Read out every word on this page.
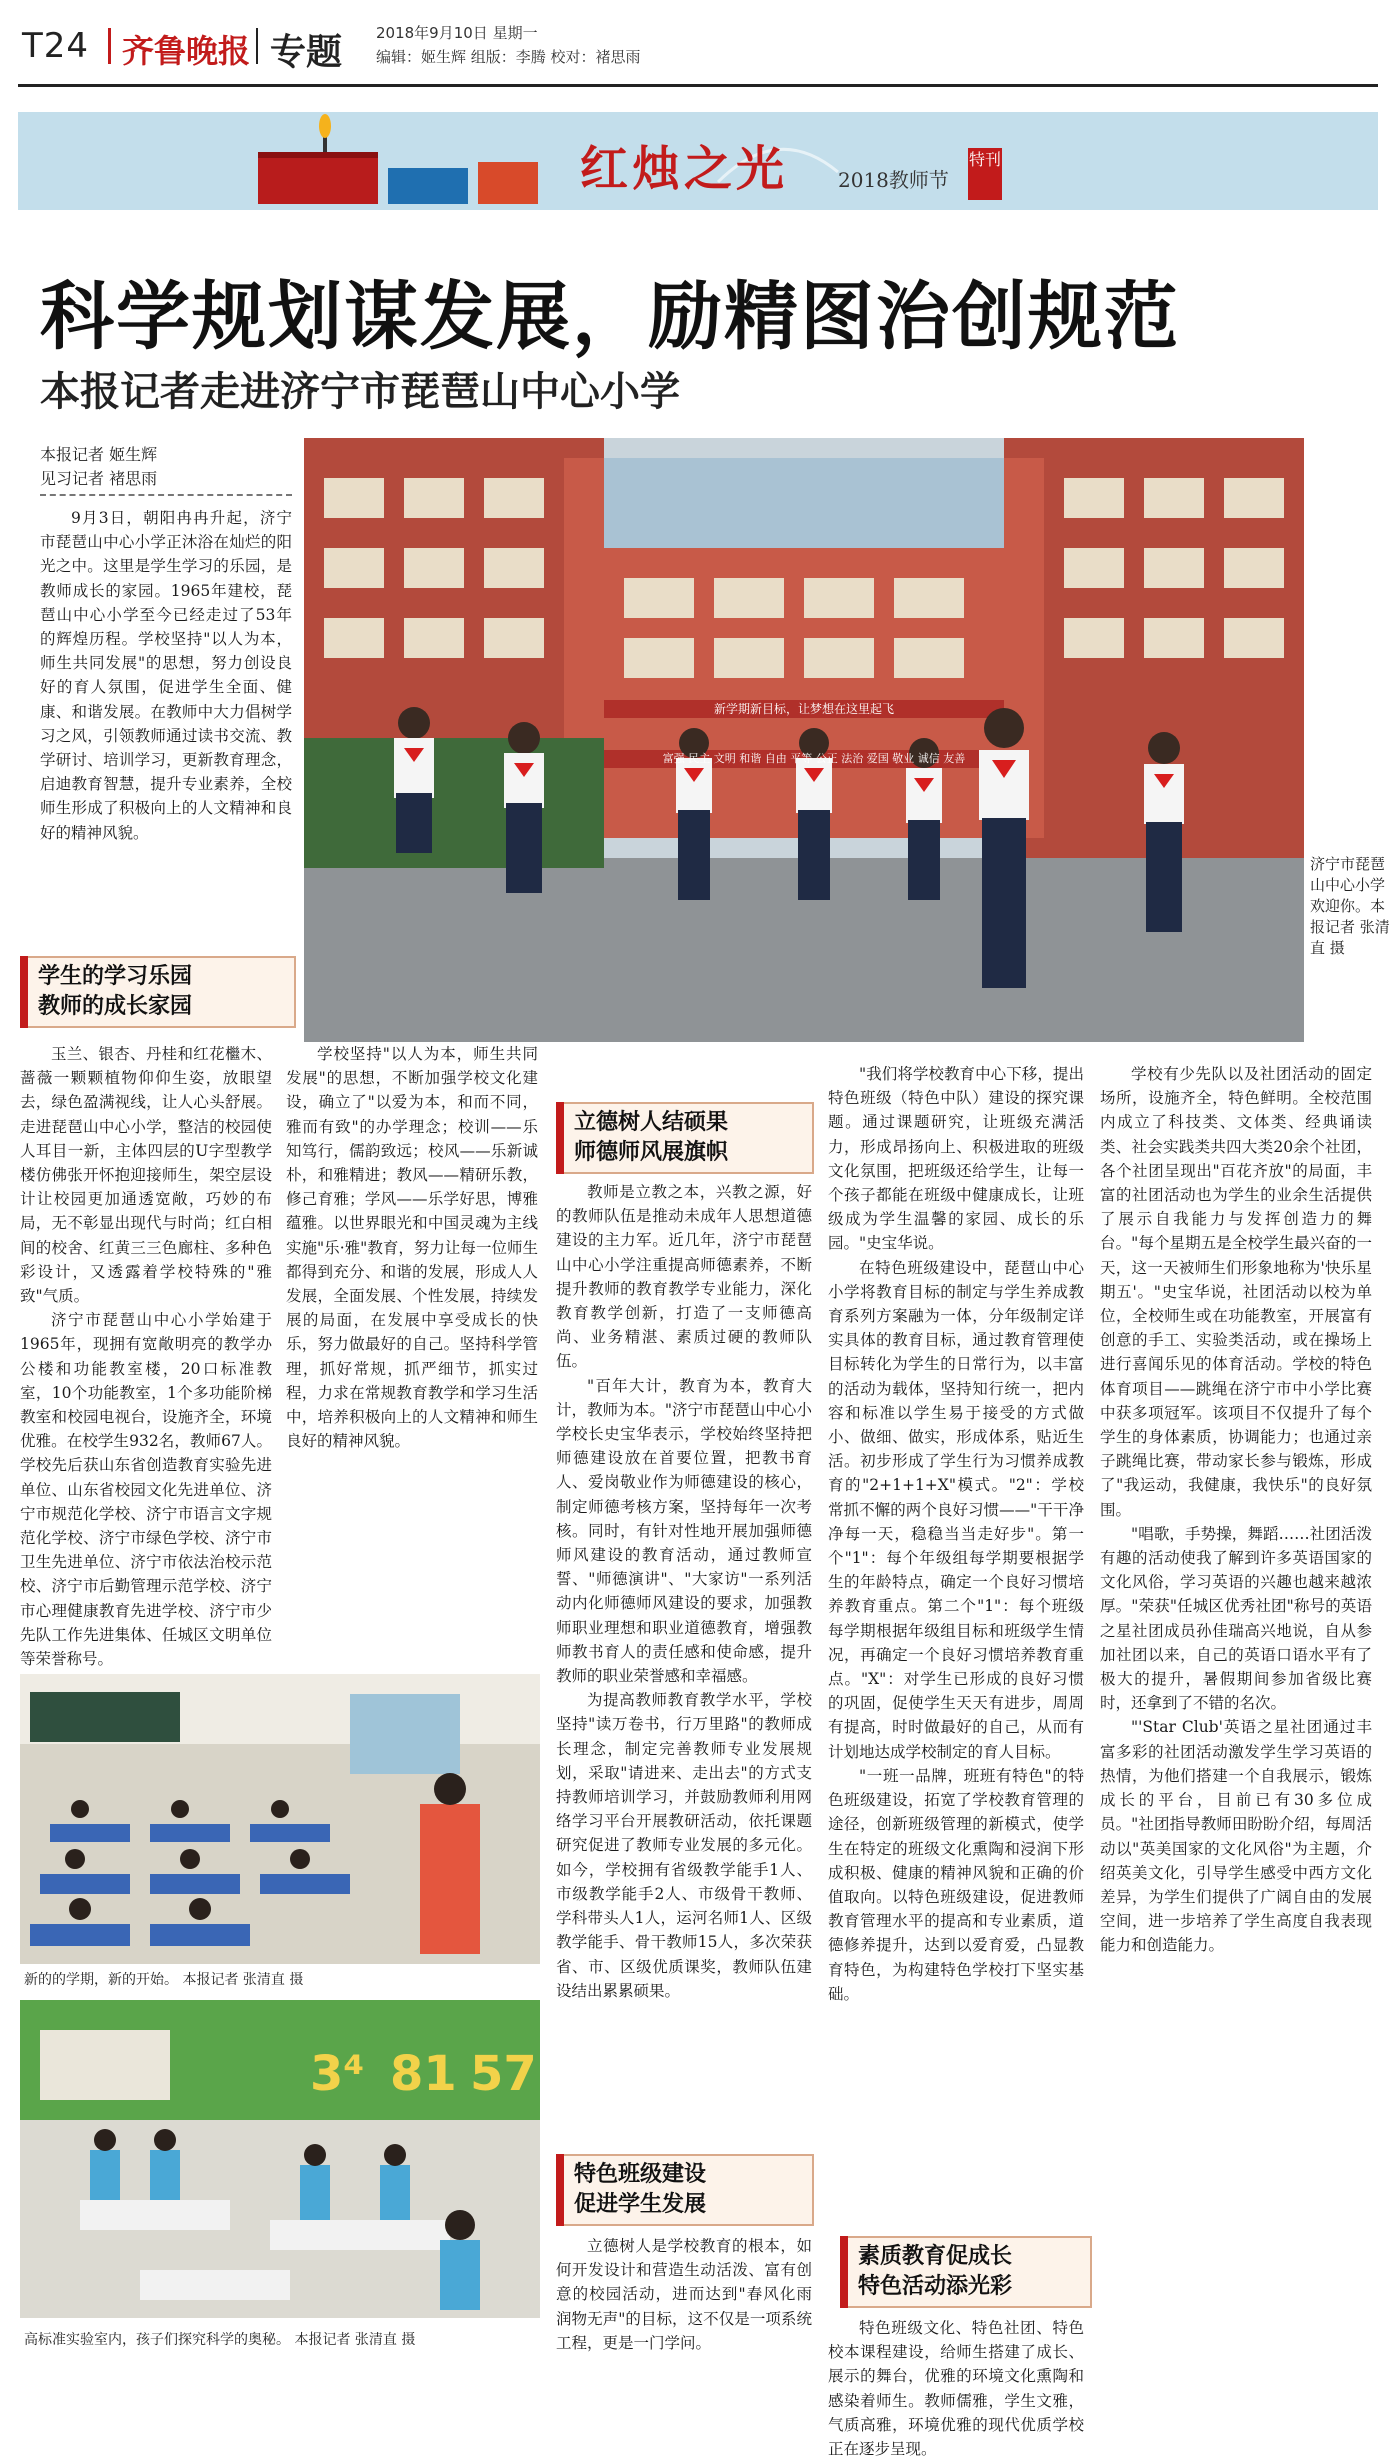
T24 齐鲁晚报 专题 2018年9月10日 星期一
编辑：姬生辉 组版：李腾 校对：褚思雨
红烛之光 2018教师节
特刊
科学规划谋发展，励精图治创规范
本报记者走进济宁市琵琶山中心小学
本报记者 姬生辉
见习记者 褚思雨

9月3日，朝阳冉冉升起，济宁市琵琶山中心小学正沐浴在灿烂的阳光之中。这里是学生学习的乐园，是教师成长的家园。1965年建校，琵琶山中心小学至今已经走过了53年的辉煌历程。学校坚持"以人为本，师生共同发展"的思想，努力创设良好的育人氛围，促进学生全面、健康、和谐发展。在教师中大力倡树学习之风，引领教师通过读书交流、教学研讨、培训学习，更新教育理念，启迪教育智慧，提升专业素养，全校师生形成了积极向上的人文精神和良好的精神风貌。

新学期新目标，让梦想在这里起飞
富强 民主 文明 和谐 自由 平等 公正 法治 爱国 敬业 诚信 友善
济宁市琵琶山中心小学欢迎你。本报记者 张清直 摄
学生的学习乐园
教师的成长家园

玉兰、银杏、丹桂和红花檵木、蔷薇一颗颗植物仰仰生姿，放眼望去，绿色盈满视线，让人心头舒展。走进琵琶山中心小学，整洁的校园使人耳目一新，主体四层的U字型教学楼仿佛张开怀抱迎接师生，架空层设计让校园更加通透宽敞，巧妙的布局，无不彰显出现代与时尚；红白相间的校舍、红黄三三色廊柱、多种色彩设计，又透露着学校特殊的"雅致"气质。

济宁市琵琶山中心小学始建于1965年，现拥有宽敞明亮的教学办公楼和功能教室楼，20口标准教室，10个功能教室，1个多功能阶梯教室和校园电视台，设施齐全，环境优雅。在校学生932名，教师67人。学校先后获山东省创造教育实验先进单位、山东省校园文化先进单位、济宁市规范化学校、济宁市语言文字规范化学校、济宁市绿色学校、济宁市卫生先进单位、济宁市依法治校示范校、济宁市后勤管理示范学校、济宁市心理健康教育先进学校、济宁市少先队工作先进集体、任城区文明单位等荣誉称号。

学校坚持"以人为本，师生共同发展"的思想，不断加强学校文化建设，确立了"以爱为本，和而不同，雅而有致"的办学理念；校训——乐知笃行，儒韵致远；校风——乐新诚朴，和雅精进；教风——精研乐教，修己育雅；学风——乐学好思，博雅蕴雅。以世界眼光和中国灵魂为主线实施"乐·雅"教育，努力让每一位师生都得到充分、和谐的发展，形成人人发展，全面发展、个性发展，持续发展的局面，在发展中享受成长的快乐，努力做最好的自己。坚持科学管理，抓好常规，抓严细节，抓实过程，力求在常规教育教学和学习生活中，培养积极向上的人文精神和师生良好的精神风貌。

新的的学期，新的开始。 本报记者 张清直 摄
3⁴ 81 57
高标准实验室内，孩子们探究科学的奥秘。 本报记者 张清直 摄
立德树人结硕果
师德师风展旗帜

教师是立教之本，兴教之源，好的教师队伍是推动未成年人思想道德建设的主力军。近几年，济宁市琵琶山中心小学注重提高师德素养，不断提升教师的教育教学专业能力，深化教育教学创新，打造了一支师德高尚、业务精湛、素质过硬的教师队伍。

"百年大计，教育为本，教育大计，教师为本。"济宁市琵琶山中心小学校长史宝华表示，学校始终坚持把师德建设放在首要位置，把教书育人、爱岗敬业作为师德建设的核心，制定师德考核方案，坚持每年一次考核。同时，有针对性地开展加强师德师风建设的教育活动，通过教师宣誓、"师德演讲"、"大家访"一系列活动内化师德师风建设的要求，加强教师职业理想和职业道德教育，增强教师教书育人的责任感和使命感，提升教师的职业荣誉感和幸福感。

为提高教师教育教学水平，学校坚持"读万卷书，行万里路"的教师成长理念，制定完善教师专业发展规划，采取"请进来、走出去"的方式支持教师培训学习，并鼓励教师利用网络学习平台开展教研活动，依托课题研究促进了教师专业发展的多元化。如今，学校拥有省级教学能手1人、市级教学能手2人、市级骨干教师、学科带头人1人，运河名师1人、区级教学能手、骨干教师15人，多次荣获省、市、区级优质课奖，教师队伍建设结出累累硕果。

特色班级建设
促进学生发展

立德树人是学校教育的根本，如何开发设计和营造生动活泼、富有创意的校园活动，进而达到"春风化雨 润物无声"的目标，这不仅是一项系统工程，更是一门学问。

"我们将学校教育中心下移，提出特色班级（特色中队）建设的探究课题。通过课题研究，让班级充满活力，形成昂扬向上、积极进取的班级文化氛围，把班级还给学生，让每一个孩子都能在班级中健康成长，让班级成为学生温馨的家园、成长的乐园。"史宝华说。

在特色班级建设中，琵琶山中心小学将教育目标的制定与学生养成教育系列方案融为一体，分年级制定详实具体的教育目标，通过教育管理使目标转化为学生的日常行为，以丰富的活动为载体，坚持知行统一，把内容和标准以学生易于接受的方式做小、做细、做实，形成体系，贴近生活。初步形成了学生行为习惯养成教育的"2+1+1+X"模式。"2"：学校常抓不懈的两个良好习惯——"干干净净每一天，稳稳当当走好步"。第一个"1"：每个年级组每学期要根据学生的年龄特点，确定一个良好习惯培养教育重点。第二个"1"：每个班级每学期根据年级组目标和班级学生情况，再确定一个良好习惯培养教育重点。"X"：对学生已形成的良好习惯的巩固，促使学生天天有进步，周周有提高，时时做最好的自己，从而有计划地达成学校制定的育人目标。

"一班一品牌，班班有特色"的特色班级建设，拓宽了学校教育管理的途径，创新班级管理的新模式，使学生在特定的班级文化熏陶和浸润下形成积极、健康的精神风貌和正确的价值取向。以特色班级建设，促进教师教育管理水平的提高和专业素质，道德修养提升，达到以爱育爱，凸显教育特色，为构建特色学校打下坚实基础。

素质教育促成长
特色活动添光彩

特色班级文化、特色社团、特色校本课程建设，给师生搭建了成长、展示的舞台，优雅的环境文化熏陶和感染着师生。教师儒雅，学生文雅，气质高雅，环境优雅的现代优质学校正在逐步呈现。

学校有少先队以及社团活动的固定场所，设施齐全，特色鲜明。全校范围内成立了科技类、文体类、经典诵读类、社会实践类共四大类20余个社团，各个社团呈现出"百花齐放"的局面，丰富的社团活动也为学生的业余生活提供了展示自我能力与发挥创造力的舞台。"每个星期五是全校学生最兴奋的一天，这一天被师生们形象地称为'快乐星期五'。"史宝华说，社团活动以校为单位，全校师生或在功能教室，开展富有创意的手工、实验类活动，或在操场上进行喜闻乐见的体育活动。学校的特色体育项目——跳绳在济宁市中小学比赛中获多项冠军。该项目不仅提升了每个学生的身体素质，协调能力；也通过亲子跳绳比赛，带动家长参与锻炼，形成了"我运动，我健康，我快乐"的良好氛围。

"唱歌，手势操，舞蹈……社团活泼有趣的活动使我了解到许多英语国家的文化风俗，学习英语的兴趣也越来越浓厚。"荣获"任城区优秀社团"称号的英语之星社团成员孙佳瑞高兴地说，自从参加社团以来，自己的英语口语水平有了极大的提升，暑假期间参加省级比赛时，还拿到了不错的名次。

"'Star Club'英语之星社团通过丰富多彩的社团活动激发学生学习英语的热情，为他们搭建一个自我展示，锻炼成长的平台，目前已有30多位成员。"社团指导教师田盼盼介绍，每周活动以"英美国家的文化风俗"为主题，介绍英美文化，引导学生感受中西方文化差异，为学生们提供了广阔自由的发展空间，进一步培养了学生高度自我表现能力和创造能力。
